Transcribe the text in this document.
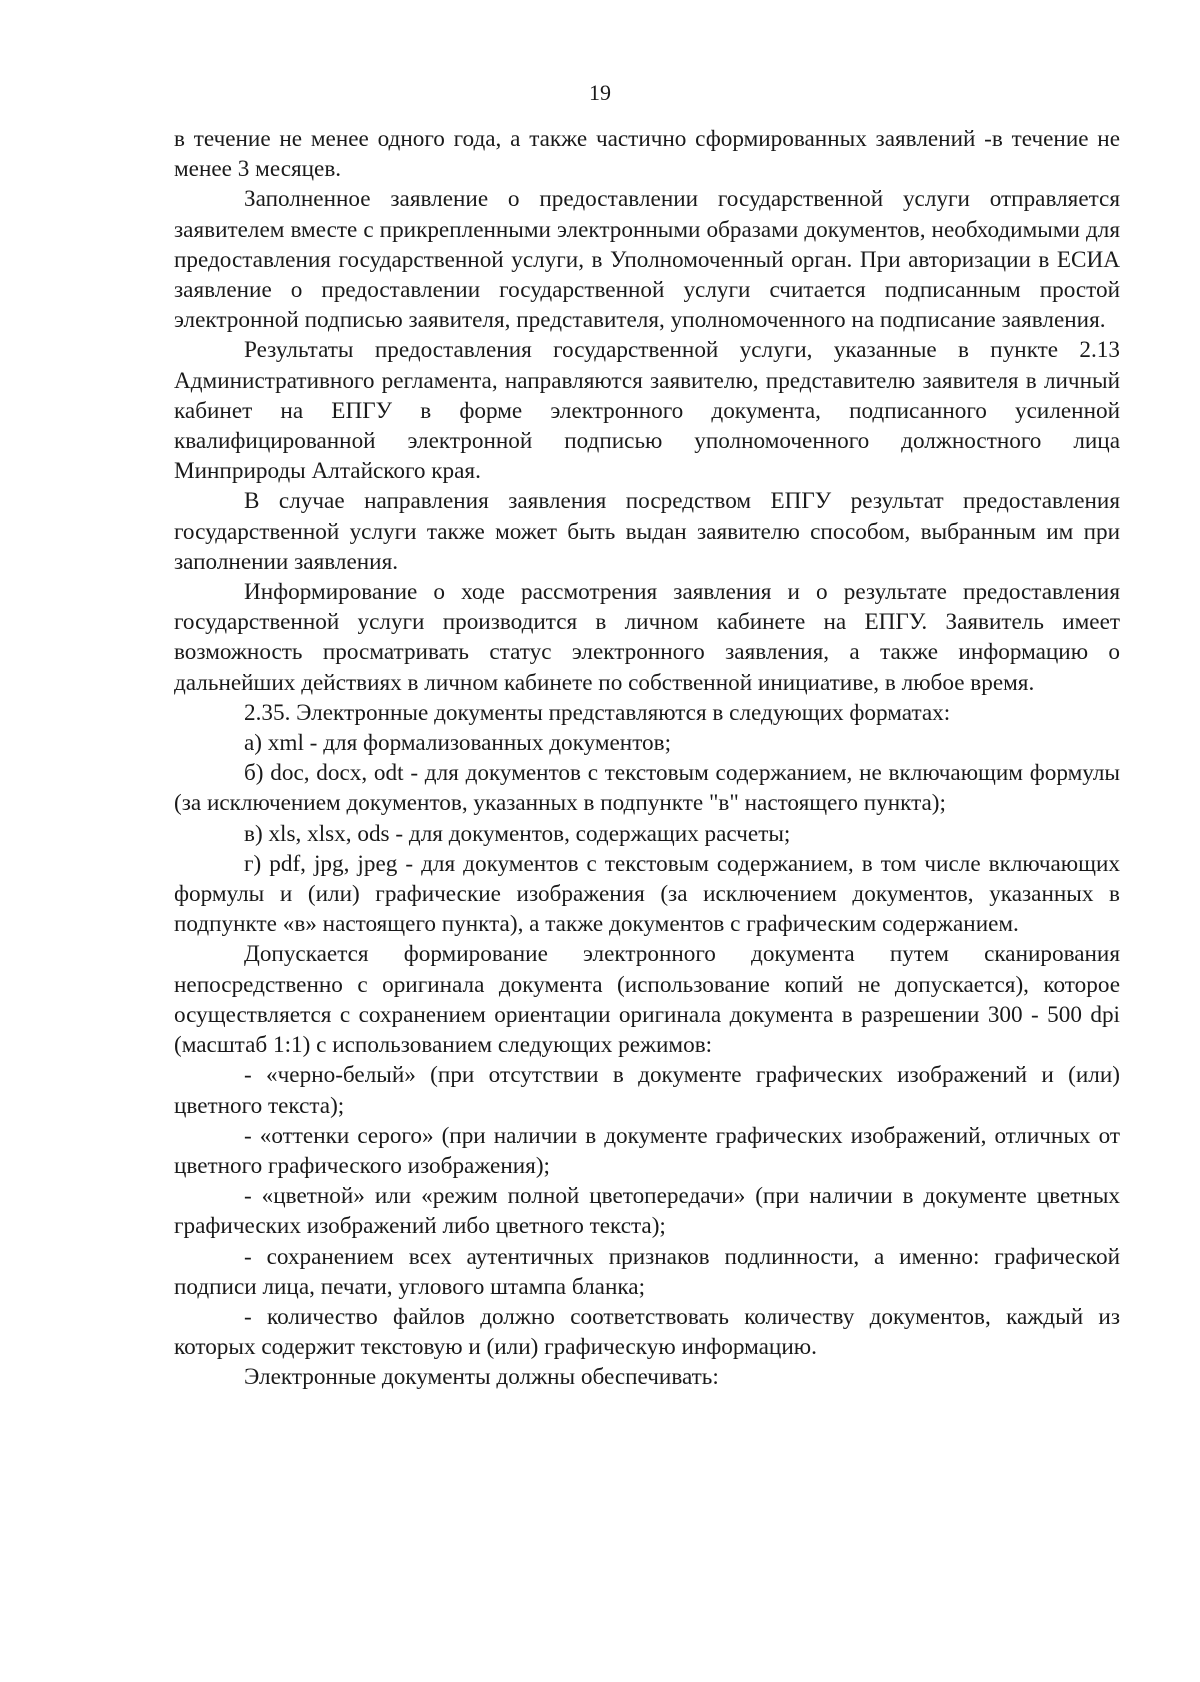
19

в течение не менее одного года, а также частично сформированных заявлений -в течение не менее 3 месяцев.

Заполненное заявление о предоставлении государственной услуги отправляется заявителем вместе с прикрепленными электронными образами документов, необходимыми для предоставления государственной услуги, в Уполномоченный орган. При авторизации в ЕСИА заявление о предоставлении государственной услуги считается подписанным простой электронной подписью заявителя, представителя, уполномоченного на подписание заявления.

Результаты предоставления государственной услуги, указанные в пункте 2.13 Административного регламента, направляются заявителю, представителю заявителя в личный кабинет на ЕПГУ в форме электронного документа, подписанного усиленной квалифицированной электронной подписью уполномоченного должностного лица Минприроды Алтайского края.

В случае направления заявления посредством ЕПГУ результат предоставления государственной услуги также может быть выдан заявителю способом, выбранным им при заполнении заявления.

Информирование о ходе рассмотрения заявления и о результате предоставления государственной услуги производится в личном кабинете на ЕПГУ. Заявитель имеет возможность просматривать статус электронного заявления, а также информацию о дальнейших действиях в личном кабинете по собственной инициативе, в любое время.

2.35. Электронные документы представляются в следующих форматах:

а) xml - для формализованных документов;

б) doc, docx, odt - для документов с текстовым содержанием, не включающим формулы (за исключением документов, указанных в подпункте "в" настоящего пункта);

в) xls, xlsx, ods - для документов, содержащих расчеты;

г) pdf, jpg, jpeg - для документов с текстовым содержанием, в том числе включающих формулы и (или) графические изображения (за исключением документов, указанных в подпункте «в» настоящего пункта), а также документов с графическим содержанием.

Допускается формирование электронного документа путем сканирования непосредственно с оригинала документа (использование копий не допускается), которое осуществляется с сохранением ориентации оригинала документа в разрешении 300 - 500 dpi (масштаб 1:1) с использованием следующих режимов:

- «черно-белый» (при отсутствии в документе графических изображений и (или) цветного текста);

- «оттенки серого» (при наличии в документе графических изображений, отличных от цветного графического изображения);

- «цветной» или «режим полной цветопередачи» (при наличии в документе цветных графических изображений либо цветного текста);

- сохранением всех аутентичных признаков подлинности, а именно: графической подписи лица, печати, углового штампа бланка;

- количество файлов должно соответствовать количеству документов, каждый из которых содержит текстовую и (или) графическую информацию.

Электронные документы должны обеспечивать:
